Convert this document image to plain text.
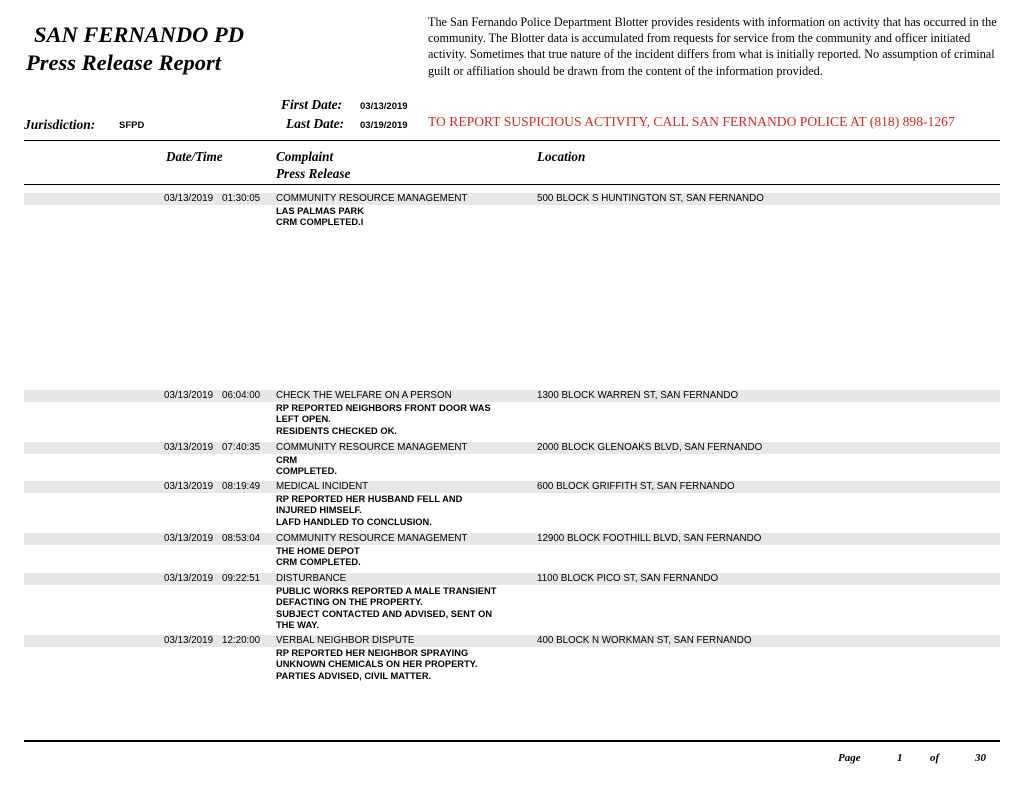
SAN FERNANDO PD
Press Release Report
The San Fernando Police Department Blotter provides residents with information on activity that has occurred in the community. The Blotter data is accumulated from requests for service from the community and officer initiated activity. Sometimes that true nature of the incident differs from what is initially reported. No assumption of criminal guilt or affiliation should be drawn from the content of the information provided.
First Date: 03/13/2019
Jurisdiction: SFPD	Last Date: 03/19/2019 TO REPORT SUSPICIOUS ACTIVITY, CALL SAN FERNANDO POLICE AT (818) 898-1267
Date/Time	Complaint
Press Release
Location
03/13/2019 01:30:05 COMMUNITY RESOURCE MANAGEMENT	500 BLOCK S HUNTINGTON ST, SAN FERNANDO
LAS PALMAS PARK
CRM COMPLETED.l
03/13/2019 06:04:00 CHECK THE WELFARE ON A PERSON	1300 BLOCK WARREN ST, SAN FERNANDO
RP REPORTED NEIGHBORS FRONT DOOR WAS
LEFT OPEN.
RESIDENTS CHECKED OK.
03/13/2019 07:40:35 COMMUNITY RESOURCE MANAGEMENT	2000 BLOCK GLENOAKS BLVD, SAN FERNANDO
CRM
COMPLETED.
03/13/2019 08:19:49 MEDICAL INCIDENT	600 BLOCK GRIFFITH ST, SAN FERNANDO
RP REPORTED HER HUSBAND FELL AND
INJURED HIMSELF.
LAFD HANDLED TO CONCLUSION.
03/13/2019 08:53:04 COMMUNITY RESOURCE MANAGEMENT	12900 BLOCK FOOTHILL BLVD, SAN FERNANDO
THE HOME DEPOT
CRM COMPLETED.
03/13/2019 09:22:51 DISTURBANCE	1100 BLOCK PICO ST, SAN FERNANDO
PUBLIC WORKS REPORTED A MALE TRANSIENT
DEFACTING ON THE PROPERTY.
SUBJECT CONTACTED AND ADVISED, SENT ON
THE WAY.
03/13/2019 12:20:00 VERBAL NEIGHBOR DISPUTE	400 BLOCK N WORKMAN ST, SAN FERNANDO
RP REPORTED HER NEIGHBOR SPRAYING
UNKNOWN CHEMICALS ON HER PROPERTY.
PARTIES ADVISED, CIVIL MATTER.
Page	1	of	30
